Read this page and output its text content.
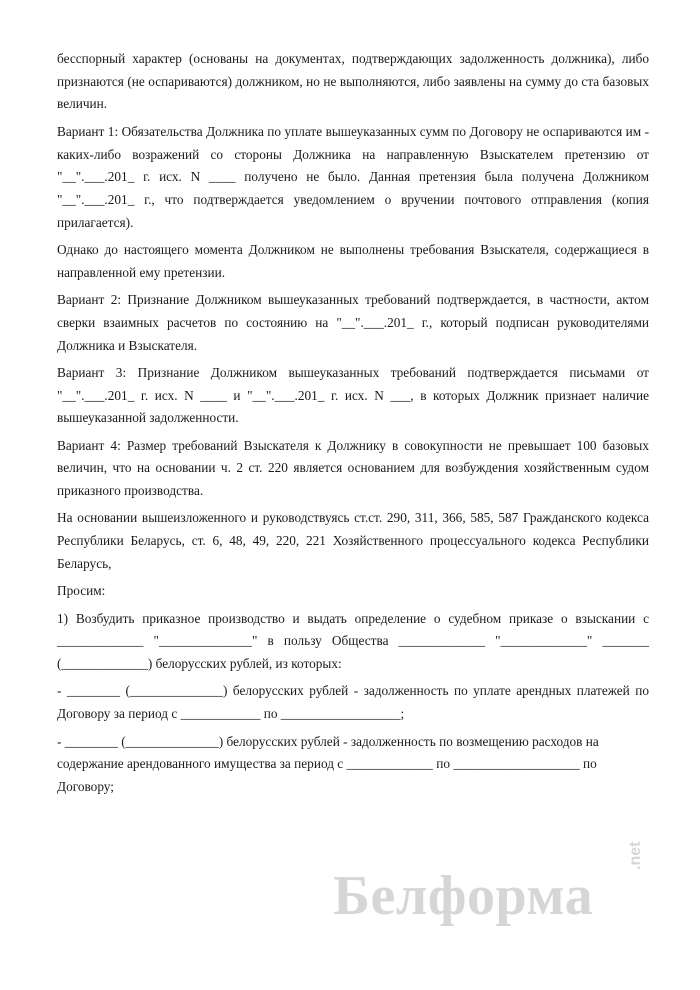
бесспорный характер (основаны на документах, подтверждающих задолженность должника), либо признаются (не оспариваются) должником, но не выполняются, либо заявлены на сумму до ста базовых величин.

Вариант 1: Обязательства Должника по уплате вышеуказанных сумм по Договору не оспариваются им - каких-либо возражений со стороны Должника на направленную Взыскателем претензию от "__".___.201_ г. исх. N ____ получено не было. Данная претензия была получена Должником "__".___.201_ г., что подтверждается уведомлением о вручении почтового отправления (копия прилагается).

Однако до настоящего момента Должником не выполнены требования Взыскателя, содержащиеся в направленной ему претензии.

Вариант 2: Признание Должником вышеуказанных требований подтверждается, в частности, актом сверки взаимных расчетов по состоянию на "__".___.201_ г., который подписан руководителями Должника и Взыскателя.

Вариант 3: Признание Должником вышеуказанных требований подтверждается письмами от "__".___.201_ г. исх. N ____ и "__".___.201_ г. исх. N ___, в которых Должник признает наличие вышеуказанной задолженности.

Вариант 4: Размер требований Взыскателя к Должнику в совокупности не превышает 100 базовых величин, что на основании ч. 2 ст. 220 является основанием для возбуждения хозяйственным судом приказного производства.

На основании вышеизложенного и руководствуясь ст.ст. 290, 311, 366, 585, 587 Гражданского кодекса Республики Беларусь, ст. 6, 48, 49, 220, 221 Хозяйственного процессуального кодекса Республики Беларусь,

Просим:

1) Возбудить приказное производство и выдать определение о судебном приказе о взыскании с _____________ "______________" в пользу Общества _____________ "_____________" _______ (_____________) белорусских рублей, из которых:

- ________ (______________) белорусских рублей - задолженность по уплате арендных платежей по Договору за период с ____________ по __________________;

- ________ (______________) белорусских рублей - задолженность по возмещению расходов на содержание арендованного имущества за период с _____________ по ___________________ по Договору;

Белформа
.net
